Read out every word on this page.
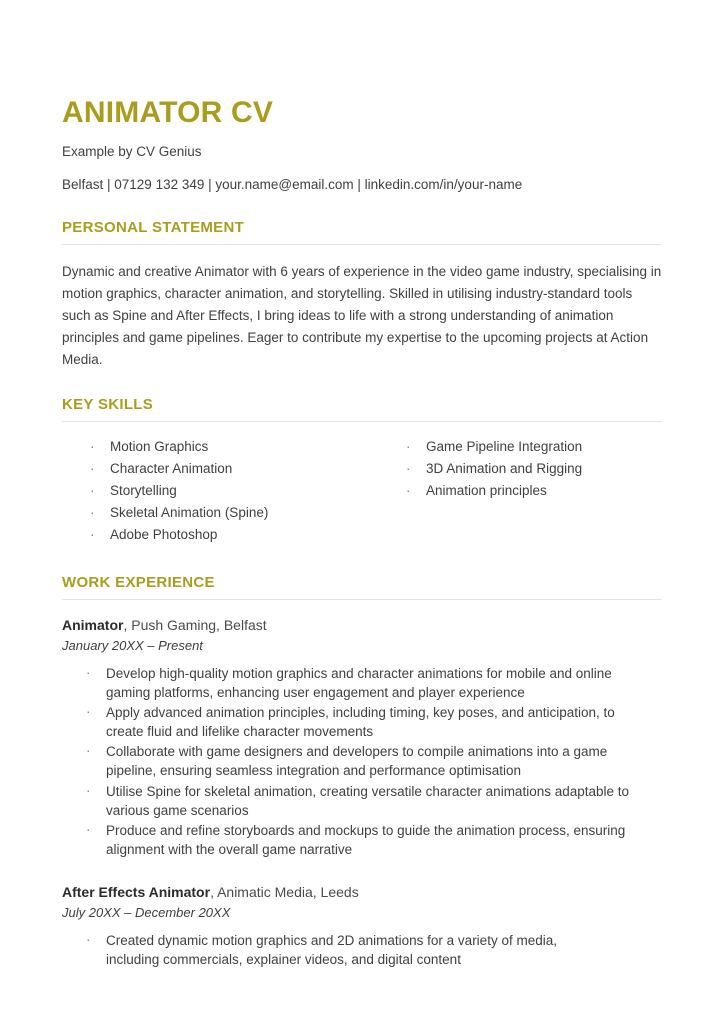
ANIMATOR CV
Example by CV Genius
Belfast | 07129 132 349 | your.name@email.com | linkedin.com/in/your-name
PERSONAL STATEMENT

Dynamic and creative Animator with 6 years of experience in the video game industry, specialising in motion graphics, character animation, and storytelling. Skilled in utilising industry-standard tools such as Spine and After Effects, I bring ideas to life with a strong understanding of animation principles and game pipelines. Eager to contribute my expertise to the upcoming projects at Action Media.

KEY SKILLS
·	Motion Graphics
·	Character Animation
·	Storytelling
·	Skeletal Animation (Spine)
·	Adobe Photoshop
·	Game Pipeline Integration
·	3D Animation and Rigging
·	Animation principles
WORK EXPERIENCE
Animator, Push Gaming, Belfast
January 20XX – Present
·	Develop high-quality motion graphics and character animations for mobile and online gaming platforms, enhancing user engagement and player experience
·	Apply advanced animation principles, including timing, key poses, and anticipation, to create fluid and lifelike character movements
·	Collaborate with game designers and developers to compile animations into a game pipeline, ensuring seamless integration and performance optimisation
·	Utilise Spine for skeletal animation, creating versatile character animations adaptable to various game scenarios
·	Produce and refine storyboards and mockups to guide the animation process, ensuring alignment with the overall game narrative
After Effects Animator, Animatic Media, Leeds
July 20XX – December 20XX
·	Created dynamic motion graphics and 2D animations for a variety of media, including commercials, explainer videos, and digital content
